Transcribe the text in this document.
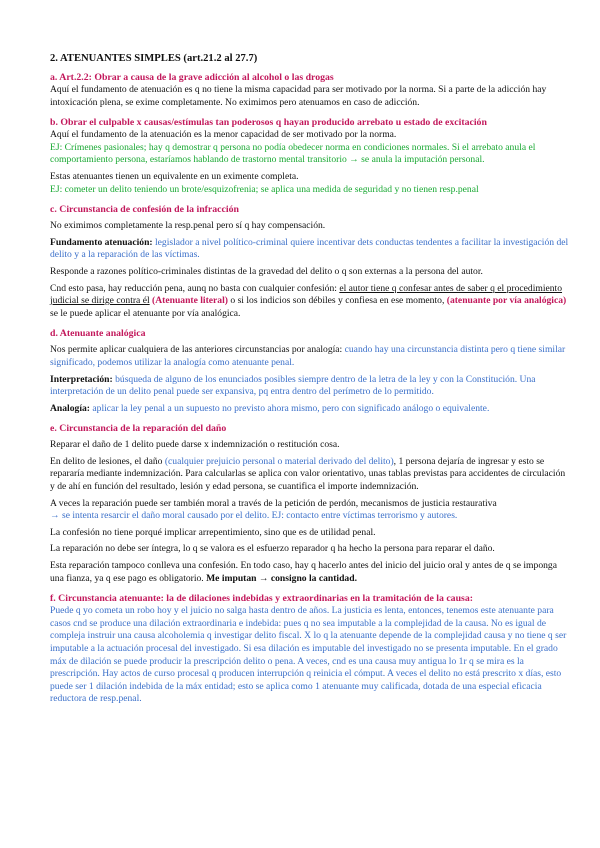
2. ATENUANTES SIMPLES (art.21.2 al 27.7)

a. Art.2.2: Obrar a causa de la grave adicción al alcohol o las drogas

Aquí el fundamento de atenuación es q no tiene la misma capacidad para ser motivado por la norma. Si a parte de la adicción hay intoxicación plena, se exime completamente. No eximimos pero atenuamos en caso de adicción.

b. Obrar el culpable x causas/estímulas tan poderosos q hayan producido arrebato u estado de excitación

Aquí el fundamento de la atenuación es la menor capacidad de ser motivado por la norma.

EJ: Crímenes pasionales; hay q demostrar q persona no podía obedecer norma en condiciones normales. Si el arrebato anula el comportamiento persona, estaríamos hablando de trastorno mental transitorio → se anula la imputación personal.

Estas atenuantes tienen un equivalente en un eximente completa.

EJ: cometer un delito teniendo un brote/esquizofrenia; se aplica una medida de seguridad y no tienen resp.penal

c. Circunstancia de confesión de la infracción

No eximimos completamente la resp.penal pero sí q hay compensación.

Fundamento atenuación: legislador a nivel político-criminal quiere incentivar dets conductas tendentes a facilitar la investigación del delito y a la reparación de las víctimas.

Responde a razones político-criminales distintas de la gravedad del delito o q son externas a la persona del autor.

Cnd esto pasa, hay reducción pena, aunq no basta con cualquier confesión: el autor tiene q confesar antes de saber q el procedimiento judicial se dirige contra él (Atenuante literal) o si los indicios son débiles y confiesa en ese momento, (atenuante por vía analógica) se le puede aplicar el atenuante por vía analógica.

d. Atenuante analógica

Nos permite aplicar cualquiera de las anteriores circunstancias por analogía: cuando hay una circunstancia distinta pero q tiene similar significado, podemos utilizar la analogía como atenuante penal.

Interpretación: búsqueda de alguno de los enunciados posibles siempre dentro de la letra de la ley y con la Constitución. Una interpretación de un delito penal puede ser expansiva, pq entra dentro del perímetro de lo permitido.

Analogía: aplicar la ley penal a un supuesto no previsto ahora mismo, pero con significado análogo o equivalente.

e. Circunstancia de la reparación del daño

Reparar el daño de 1 delito puede darse x indemnización o restitución cosa.

En delito de lesiones, el daño (cualquier prejuicio personal o material derivado del delito), 1 persona dejaría de ingresar y esto se repararía mediante indemnización. Para calcularlas se aplica con valor orientativo, unas tablas previstas para accidentes de circulación y de ahí en función del resultado, lesión y edad persona, se cuantifica el importe indemnización.

A veces la reparación puede ser también moral a través de la petición de perdón, mecanismos de justicia restaurativa

→ se intenta resarcir el daño moral causado por el delito. EJ: contacto entre víctimas terrorismo y autores.

La confesión no tiene porqué implicar arrepentimiento, sino que es de utilidad penal.

La reparación no debe ser íntegra, lo q se valora es el esfuerzo reparador q ha hecho la persona para reparar el daño.

Esta reparación tampoco conlleva una confesión. En todo caso, hay q hacerlo antes del inicio del juicio oral y antes de q se imponga una fianza, ya q ese pago es obligatorio. Me imputan → consigno la cantidad.

f. Circunstancia atenuante: la de dilaciones indebidas y extraordinarias en la tramitación de la causa:

Puede q yo cometa un robo hoy y el juicio no salga hasta dentro de años. La justicia es lenta, entonces, tenemos este atenuante para casos cnd se produce una dilación extraordinaria e indebida: pues q no sea imputable a la complejidad de la causa. No es igual de compleja instruir una causa alcoholemia q investigar delito fiscal. X lo q la atenuante depende de la complejidad causa y no tiene q ser imputable a la actuación procesal del investigado. Si esa dilación es imputable del investigado no se presenta imputable. En el grado máx de dilación se puede producir la prescripción delito o pena. A veces, cnd es una causa muy antigua lo 1r q se mira es la prescripción. Hay actos de curso procesal q producen interrupción q reinicia el cómput. A veces el delito no está prescrito x días, esto puede ser 1 dilación indebida de la máx entidad; esto se aplica como 1 atenuante muy calificada, dotada de una especial eficacia reductora de resp.penal.
